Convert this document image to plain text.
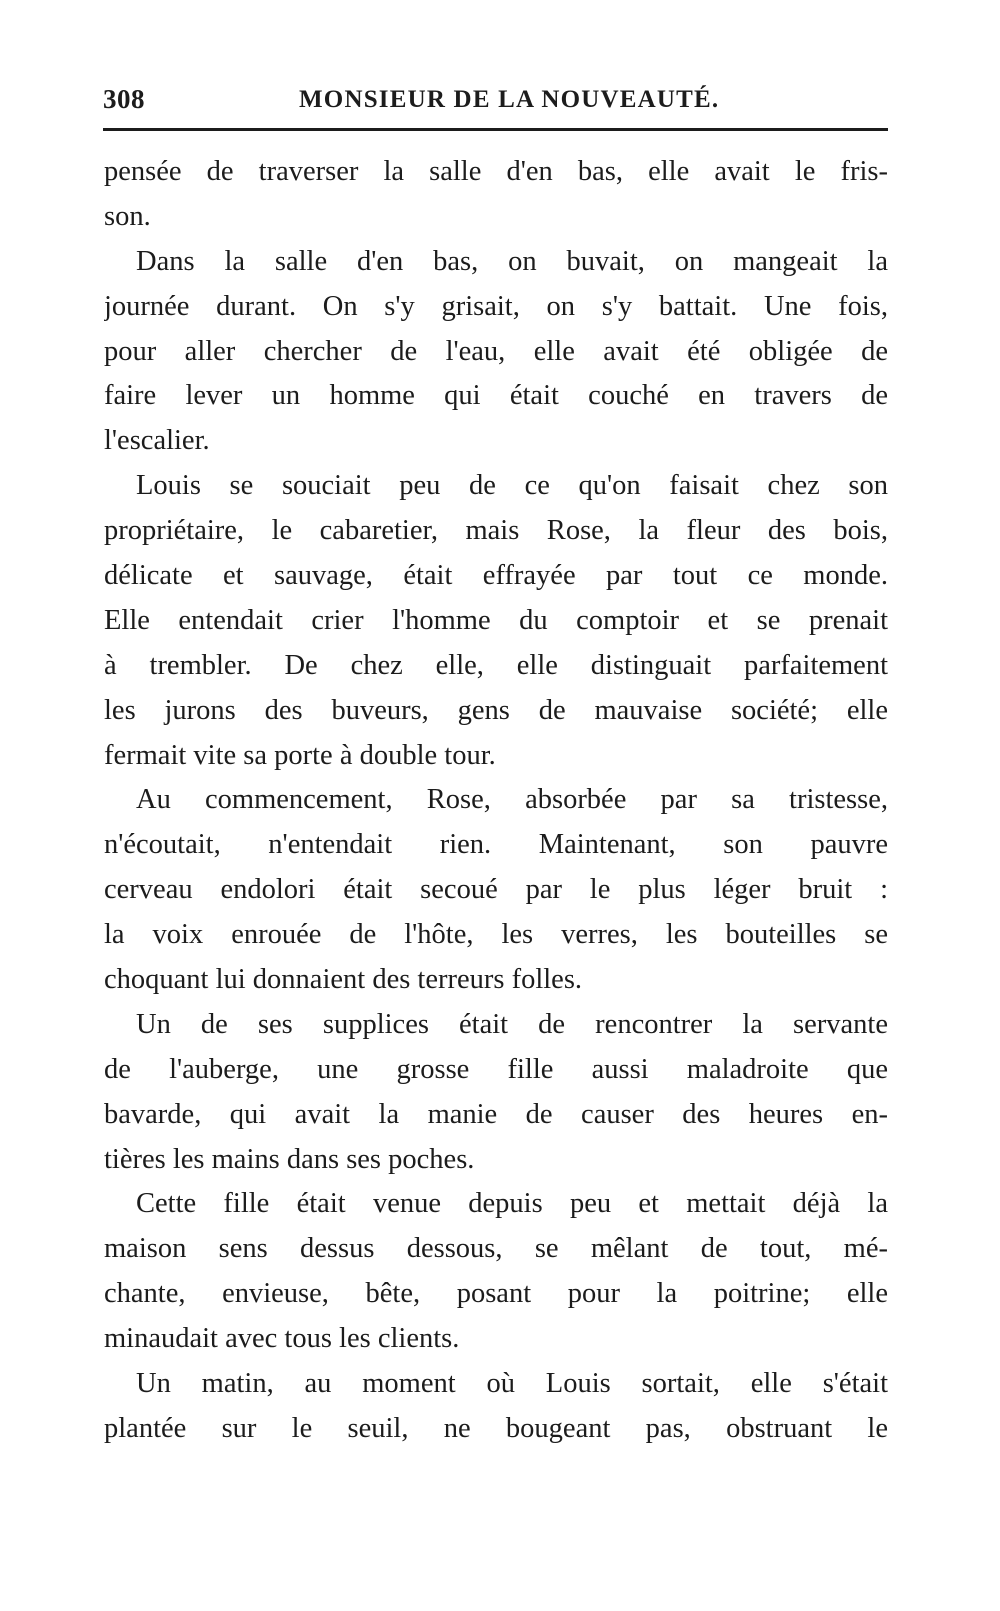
308	MONSIEUR DE LA NOUVEAUTÉ.
pensée de traverser la salle d'en bas, elle avait le fris-
son.
Dans la salle d'en bas, on buvait, on mangeait la
journée durant. On s'y grisait, on s'y battait. Une fois,
pour aller chercher de l'eau, elle avait été obligée de
faire lever un homme qui était couché en travers de
l'escalier.
Louis se souciait peu de ce qu'on faisait chez son
propriétaire, le cabaretier, mais Rose, la fleur des bois,
délicate et sauvage, était effrayée par tout ce monde.
Elle entendait crier l'homme du comptoir et se prenait
à trembler. De chez elle, elle distinguait parfaitement
les jurons des buveurs, gens de mauvaise société; elle
fermait vite sa porte à double tour.
Au commencement, Rose, absorbée par sa tristesse,
n'écoutait, n'entendait rien. Maintenant, son pauvre
cerveau endolori était secoué par le plus léger bruit :
la voix enrouée de l'hôte, les verres, les bouteilles se
choquant lui donnaient des terreurs folles.
Un de ses supplices était de rencontrer la servante
de l'auberge, une grosse fille aussi maladroite que
bavarde, qui avait la manie de causer des heures en-
tières les mains dans ses poches.
Cette fille était venue depuis peu et mettait déjà la
maison sens dessus dessous, se mêlant de tout, mé-
chante, envieuse, bête, posant pour la poitrine; elle
minaudait avec tous les clients.
Un matin, au moment où Louis sortait, elle s'était
plantée sur le seuil, ne bougeant pas, obstruant le
